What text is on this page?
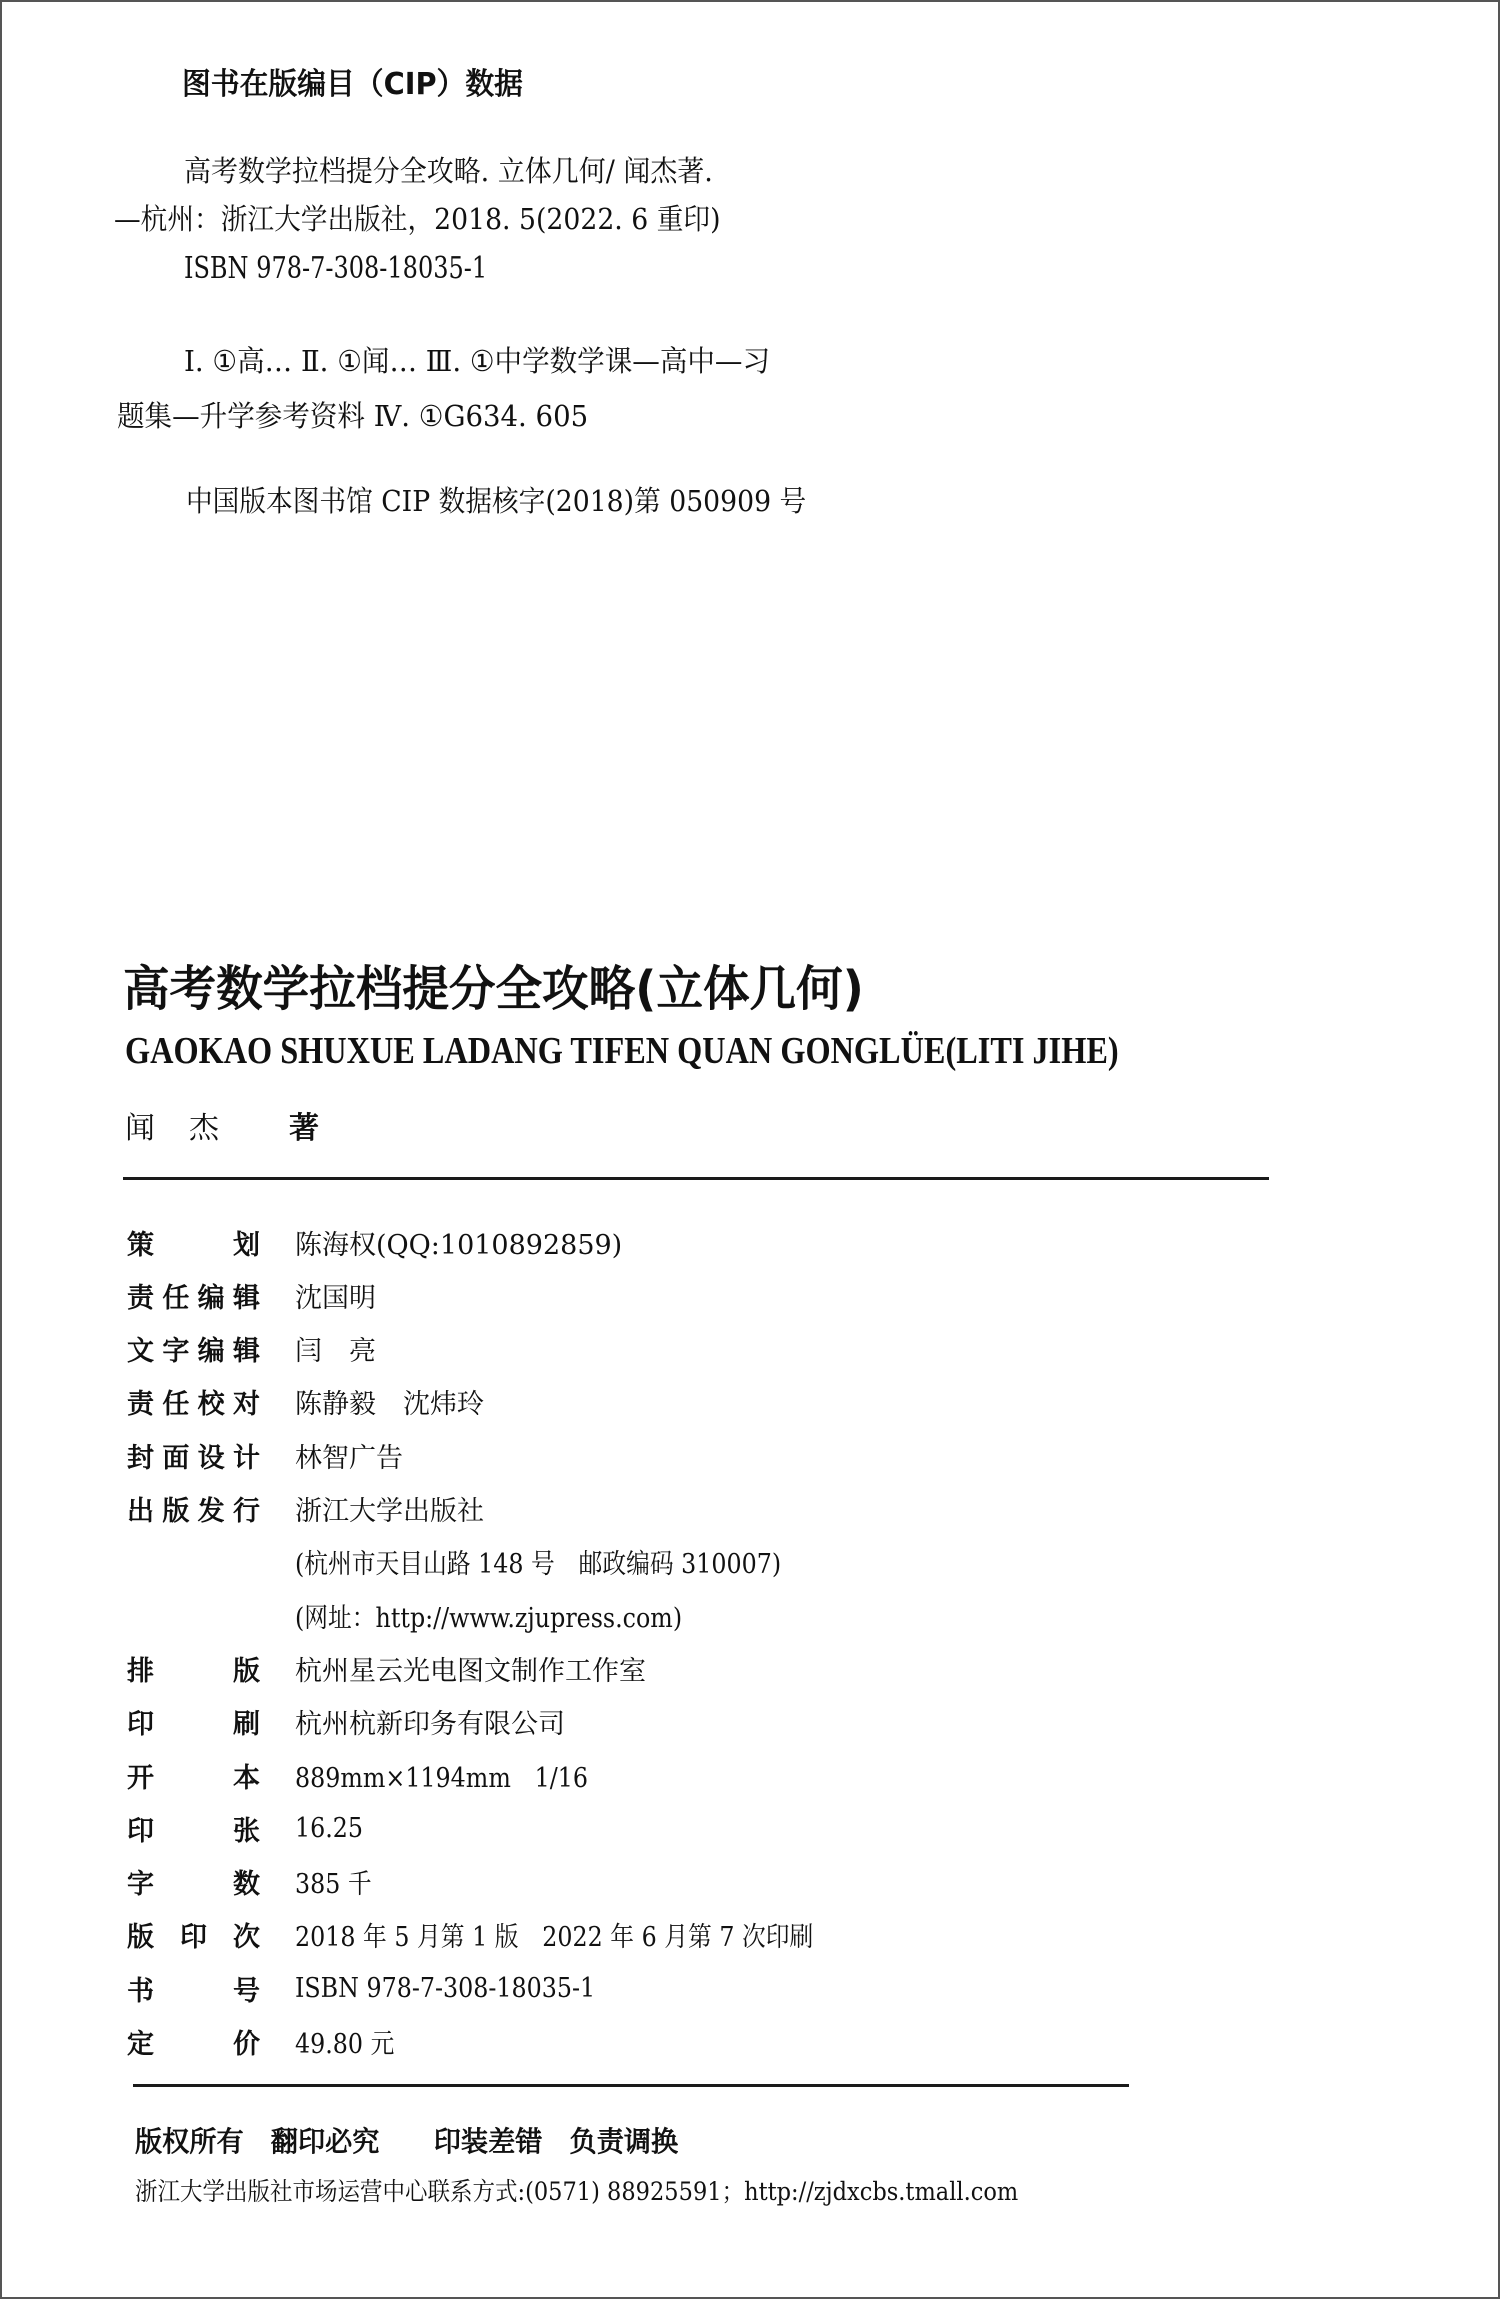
图书在版编目（CIP）数据
高考数学拉档提分全攻略. 立体几何/ 闻杰著.
—杭州：浙江大学出版社，2018. 5(2022. 6 重印)
ISBN 978-7-308-18035-1
Ⅰ. ①高… Ⅱ. ①闻… Ⅲ. ①中学数学课—高中—习
题集—升学参考资料 Ⅳ. ①G634. 605
中国版本图书馆 CIP 数据核字(2018)第 050909 号
高考数学拉档提分全攻略(立体几何)
GAOKAO SHUXUE LADANG TIFEN QUAN GONGLÜE(LITI JIHE)
闻	杰	著
策	划 陈海权(QQ:1010892859)
责 任 编 辑 沈国明
文 字 编 辑 闫　亮
责 任 校 对 陈静毅　沈炜玲
封 面 设 计 林智广告
出 版 发 行 浙江大学出版社
(杭州市天目山路 148 号　邮政编码 310007)
(网址：http://www.zjupress.com)
排	版 杭州星云光电图文制作工作室
印	刷 杭州杭新印务有限公司
开	本 889mm×1194mm　1/16
印	张 16.25
字	数 385 千
版 印 次 2018 年 5 月第 1 版　2022 年 6 月第 7 次印刷
书	号 ISBN 978-7-308-18035-1
定	价 49.80 元
版权所有　翻印必究　　印装差错　负责调换
浙江大学出版社市场运营中心联系方式:(0571) 88925591；http://zjdxcbs.tmall.com
